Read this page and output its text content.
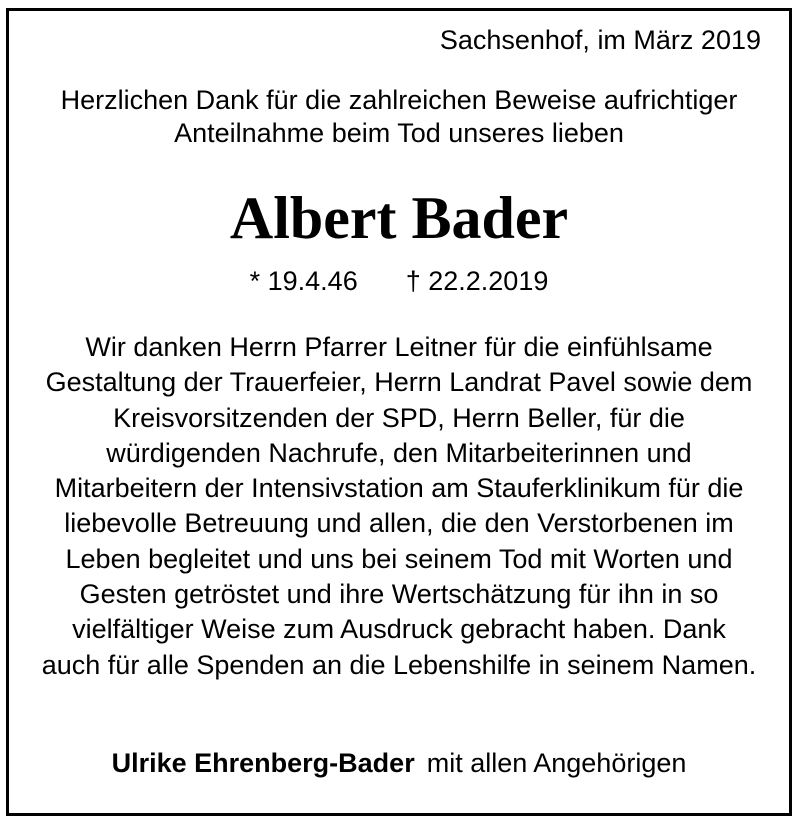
Sachsenhof, im März 2019
Herzlichen Dank für die zahlreichen Beweise aufrichtiger
Anteilnahme beim Tod unseres lieben
Albert Bader
* 19.4.46 † 22.2.2019
Wir danken Herrn Pfarrer Leitner für die einfühlsame
Gestaltung der Trauerfeier, Herrn Landrat Pavel sowie dem
Kreisvorsitzenden der SPD, Herrn Beller, für die
würdigenden Nachrufe, den Mitarbeiterinnen und
Mitarbeitern der Intensivstation am Stauferklinikum für die
liebevolle Betreuung und allen, die den Verstorbenen im
Leben begleitet und uns bei seinem Tod mit Worten und
Gesten getröstet und ihre Wertschätzung für ihn in so
vielfältiger Weise zum Ausdruck gebracht haben. Dank
auch für alle Spenden an die Lebenshilfe in seinem Namen.
Ulrike Ehrenberg-Bader mit allen Angehörigen
